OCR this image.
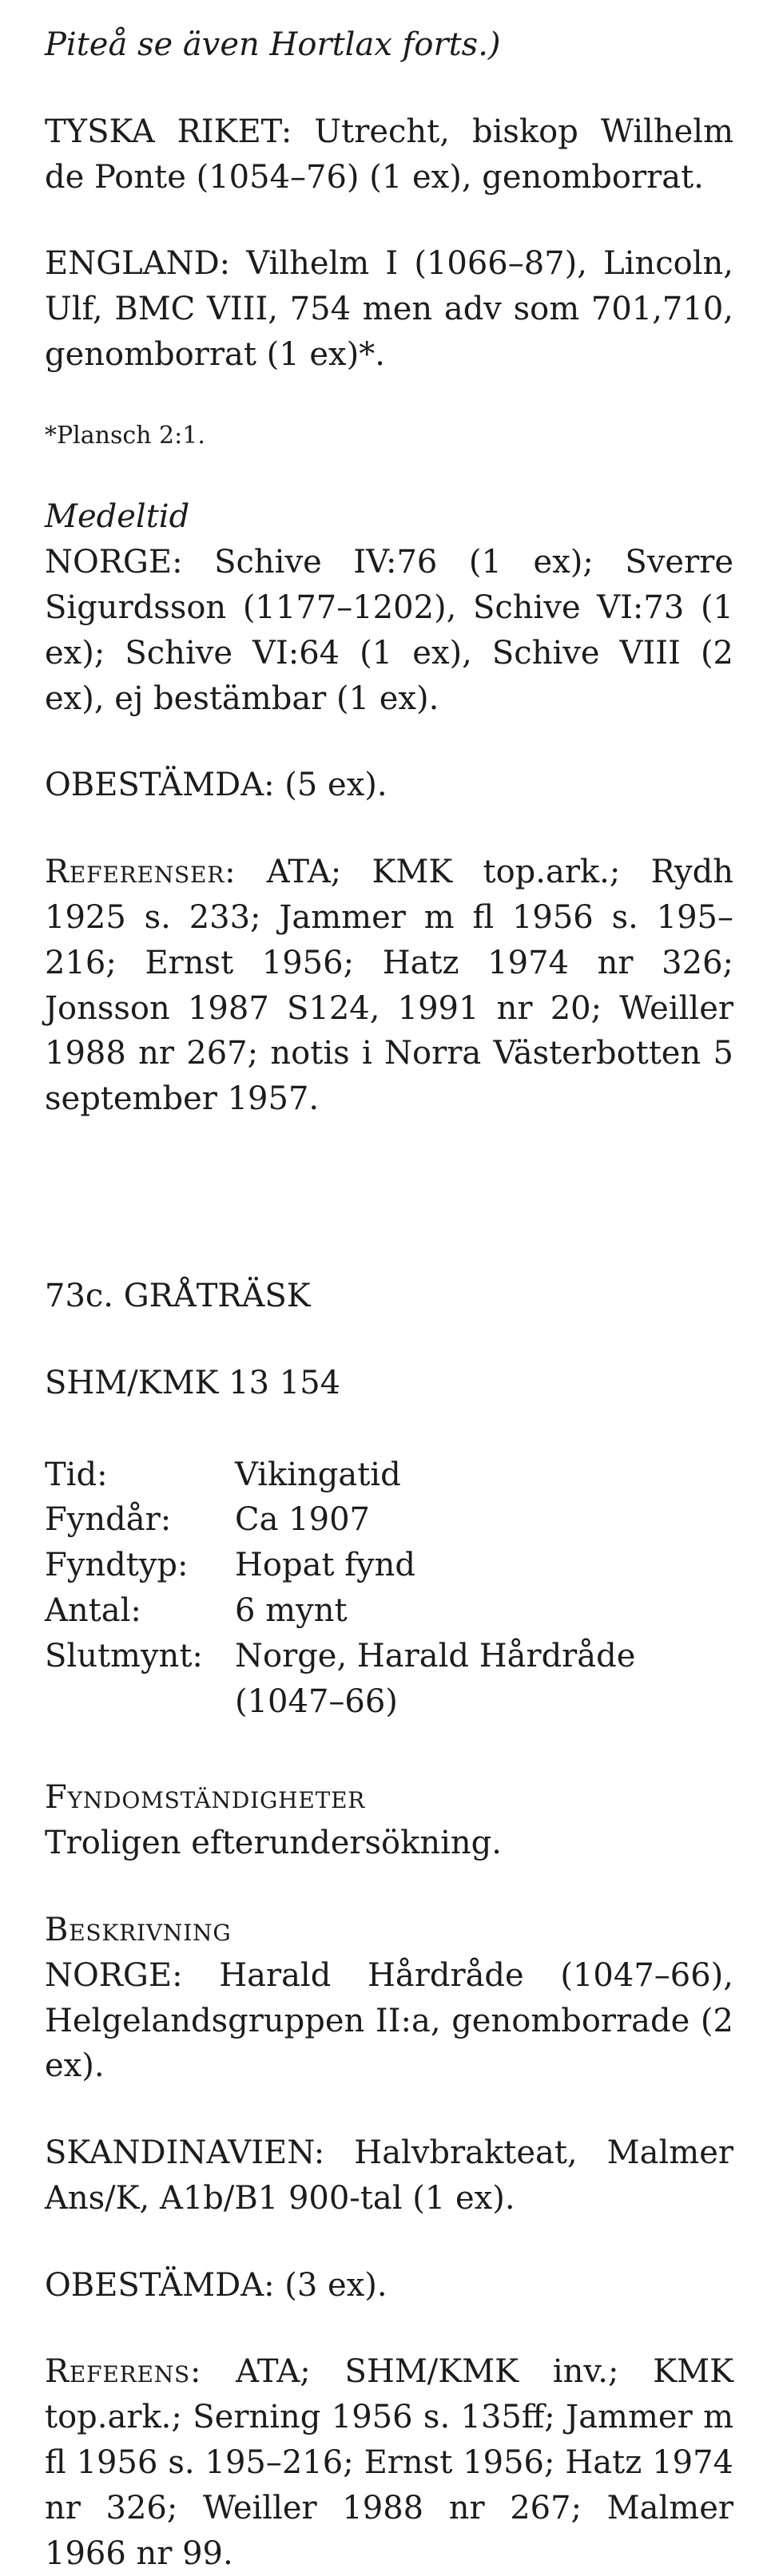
Piteå se även Hortlax forts.)

TYSKA RIKET: Utrecht, biskop Wilhelm de Ponte (1054–76) (1 ex), genomborrat.

ENGLAND: Vilhelm I (1066–87), Lincoln, Ulf, BMC VIII, 754 men adv som 701,710, genomborrat (1 ex)*.

*Plansch 2:1.

Medeltid

NORGE: Schive IV:76 (1 ex); Sverre Sigurdsson (1177–1202), Schive VI:73 (1 ex); Schive VI:64 (1 ex), Schive VIII (2 ex), ej bestämbar (1 ex).

OBESTÄMDA: (5 ex).

Referenser: ATA; KMK top.ark.; Rydh 1925 s. 233; Jammer m fl 1956 s. 195–216; Ernst 1956; Hatz 1974 nr 326; Jonsson 1987 S124, 1991 nr 20; Weiller 1988 nr 267; notis i Norra Västerbotten 5 september 1957.

73c. GRÅTRÄSK

SHM/KMK 13 154

Tid:	Vikingatid
Fyndår:	Ca 1907
Fyndtyp:	Hopat fynd
Antal:	6 mynt
Slutmynt:	Norge, Harald Hårdråde
(1047–66)

Fyndomständigheter

Troligen efterundersökning.

Beskrivning

NORGE: Harald Hårdråde (1047–66), Helgelandsgruppen II:a, genomborrade (2 ex).

SKANDINAVIEN: Halvbrakteat, Malmer Ans/K, A1b/B1 900-tal (1 ex).

OBESTÄMDA: (3 ex).

Referens: ATA; SHM/KMK inv.; KMK top.ark.; Serning 1956 s. 135ff; Jammer m fl 1956 s. 195–216; Ernst 1956; Hatz 1974 nr 326; Weiller 1988 nr 267; Malmer 1966 nr 99.
